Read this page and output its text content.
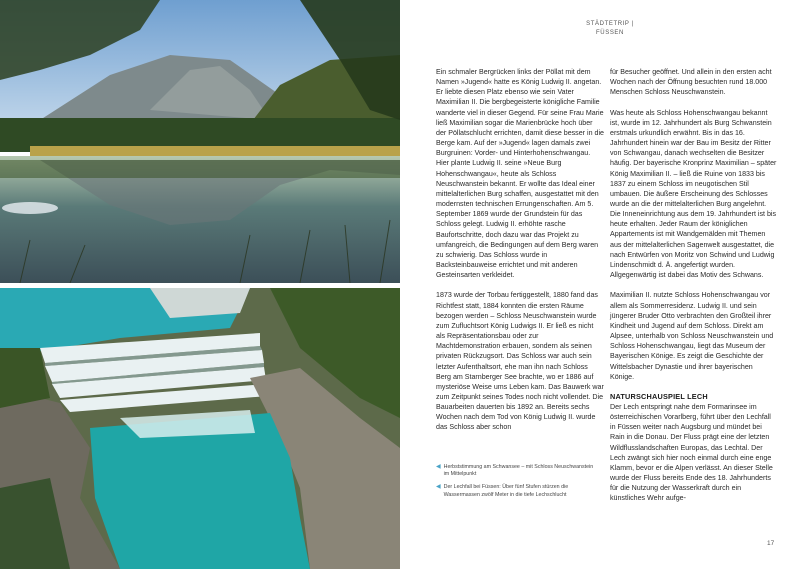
STÄDTETRIP |
FÜSSEN

Ein schmaler Bergrücken links der Pöllat mit dem Namen »Jugend« hatte es König Ludwig II. angetan. Er liebte diesen Platz ebenso wie sein Vater Maximilian II. Die bergbegeisterte königliche Familie wanderte viel in dieser Gegend. Für seine Frau Marie ließ Maximilian sogar die Marienbrücke hoch über der Pöllatschlucht errichten, damit diese besser in die Berge kam. Auf der »Jugend« lagen damals zwei Burgruinen: Vorder- und Hinterhohenschwangau. Hier plante Ludwig II. seine »Neue Burg Hohenschwangau«, heute als Schloss Neuschwanstein bekannt. Er wollte das Ideal einer mittelalterlichen Burg schaffen, ausgestattet mit den modernsten technischen Errungenschaften. Am 5. September 1869 wurde der Grundstein für das Schloss gelegt. Ludwig II. erhöhte rasche Baufortschritte, doch dazu war das Projekt zu umfangreich, die Bedingungen auf dem Berg waren zu schwierig. Das Schloss wurde in Backsteinbauweise errichtet und mit anderen Gesteinsarten verkleidet.

1873 wurde der Torbau fertiggestellt, 1880 fand das Richtfest statt, 1884 konnten die ersten Räume bezogen werden – Schloss Neuschwanstein wurde zum Zufluchtsort König Ludwigs II. Er ließ es nicht als Repräsentationsbau oder zur Machtdemonstration erbauen, sondern als seinen privaten Rückzugsort. Das Schloss war auch sein letzter Aufenthaltsort, ehe man ihn nach Schloss Berg am Starnberger See brachte, wo er 1886 auf mysteriöse Weise ums Leben kam. Das Bauwerk war zum Zeitpunkt seines Todes noch nicht vollendet. Die Bauarbeiten dauerten bis 1892 an. Bereits sechs Wochen nach dem Tod von König Ludwig II. wurde das Schloss aber schon

für Besucher geöffnet. Und allein in den ersten acht Wochen nach der Öffnung besuchten rund 18.000 Menschen Schloss Neuschwanstein.

Was heute als Schloss Hohenschwangau bekannt ist, wurde im 12. Jahrhundert als Burg Schwanstein erstmals urkundlich erwähnt. Bis in das 16. Jahrhundert hinein war der Bau im Besitz der Ritter von Schwangau, danach wechselten die Besitzer häufig. Der bayerische Kronprinz Maximilian – später König Maximilian II. – ließ die Ruine von 1833 bis 1837 zu einem Schloss im neugotischen Stil umbauen. Die äußere Erscheinung des Schlosses wurde an die der mittelalterlichen Burg angelehnt. Die Inneneinrichtung aus dem 19. Jahrhundert ist bis heute erhalten. Jeder Raum der königlichen Appartements ist mit Wandgemälden mit Themen aus der mittelalterlichen Sagenwelt ausgestattet, die nach Entwürfen von Moritz von Schwind und Ludwig Lindenschmidt d. Ä. angefertigt wurden. Allgegenwärtig ist dabei das Motiv des Schwans.

Maximilian II. nutzte Schloss Hohenschwangau vor allem als Sommerresidenz. Ludwig II. und sein jüngerer Bruder Otto verbrachten den Großteil ihrer Kindheit und Jugend auf dem Schloss. Direkt am Alpsee, unterhalb von Schloss Neuschwanstein und Schloss Hohenschwangau, liegt das Museum der Bayerischen Könige. Es zeigt die Geschichte der Wittelsbacher Dynastie und ihrer bayerischen Könige.

NATURSCHAUSPIEL LECH

Der Lech entspringt nahe dem Formarinsee im österreichischen Vorarlberg, führt über den Lechfall in Füssen weiter nach Augsburg und mündet bei Rain in die Donau. Der Fluss prägt eine der letzten Wildflusslandschaften Europas, das Lechtal. Der Lech zwängt sich hier noch einmal durch eine enge Klamm, bevor er die Alpen verlässt. An dieser Stelle wurde der Fluss bereits Ende des 18. Jahrhunderts für die Nutzung der Wasserkraft durch ein künstliches Wehr aufge-

◀ Herbststimmung am Schwansee – mit Schloss Neuschwanstein im Mittelpunkt
◀ Der Lechfall bei Füssen: Über fünf Stufen stürzen die Wassermassen zwölf Meter in die tiefe Lechschlucht
17
